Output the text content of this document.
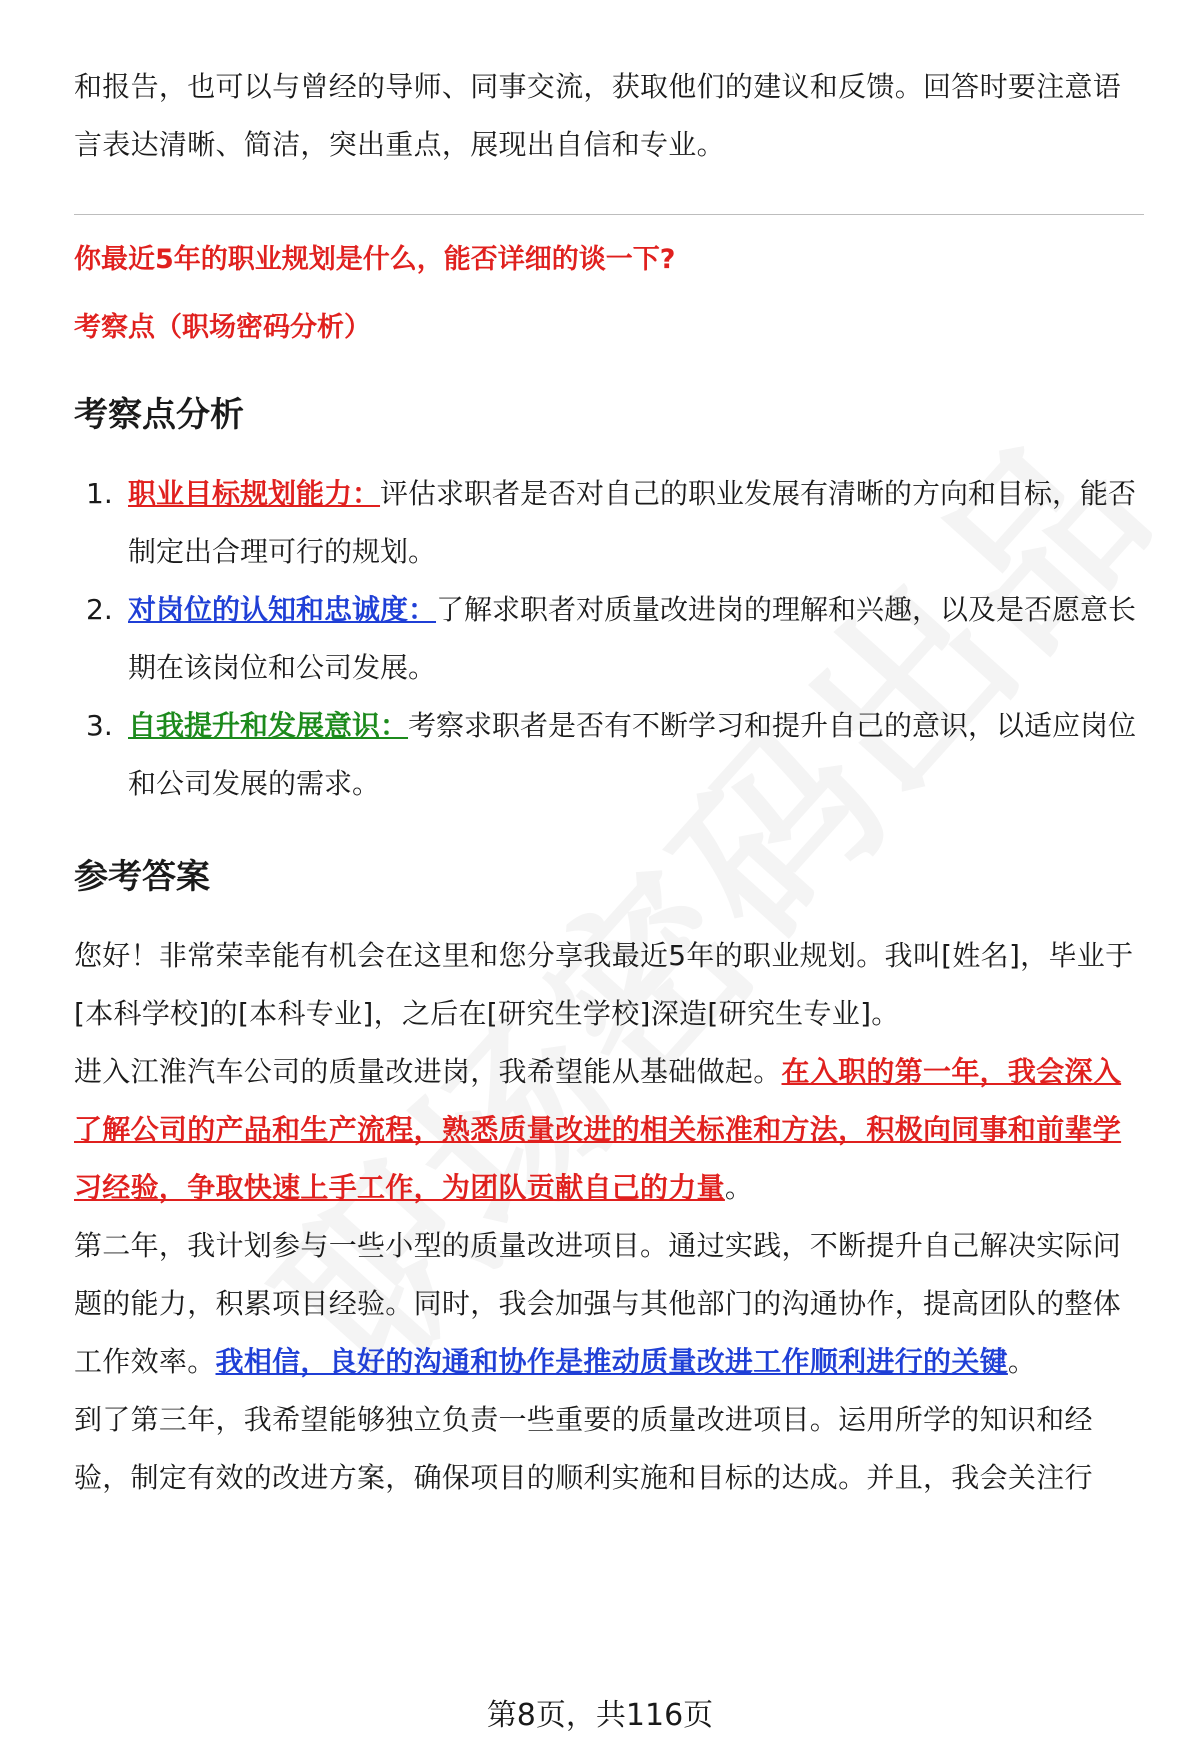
和报告，也可以与曾经的导师、同事交流，获取他们的建议和反馈。回答时要注意语言表达清晰、简洁，突出重点，展现出自信和专业。

你最近5年的职业规划是什么，能否详细的谈一下?

考察点（职场密码分析）

考察点分析
1. 职业目标规划能力：评估求职者是否对自己的职业发展有清晰的方向和目标，能否制定出合理可行的规划。
2. 对岗位的认知和忠诚度：了解求职者对质量改进岗的理解和兴趣，以及是否愿意长期在该岗位和公司发展。
3. 自我提升和发展意识：考察求职者是否有不断学习和提升自己的意识，以适应岗位和公司发展的需求。
参考答案

您好！非常荣幸能有机会在这里和您分享我最近5年的职业规划。我叫[姓名]，毕业于[本科学校]的[本科专业]，之后在[研究生学校]深造[研究生专业]。

进入江淮汽车公司的质量改进岗，我希望能从基础做起。在入职的第一年，我会深入了解公司的产品和生产流程，熟悉质量改进的相关标准和方法，积极向同事和前辈学习经验，争取快速上手工作，为团队贡献自己的力量。

第二年，我计划参与一些小型的质量改进项目。通过实践，不断提升自己解决实际问题的能力，积累项目经验。同时，我会加强与其他部门的沟通协作，提高团队的整体工作效率。我相信，良好的沟通和协作是推动质量改进工作顺利进行的关键。

到了第三年，我希望能够独立负责一些重要的质量改进项目。运用所学的知识和经验，制定有效的改进方案，确保项目的顺利实施和目标的达成。并且，我会关注行

第8页，共116页
